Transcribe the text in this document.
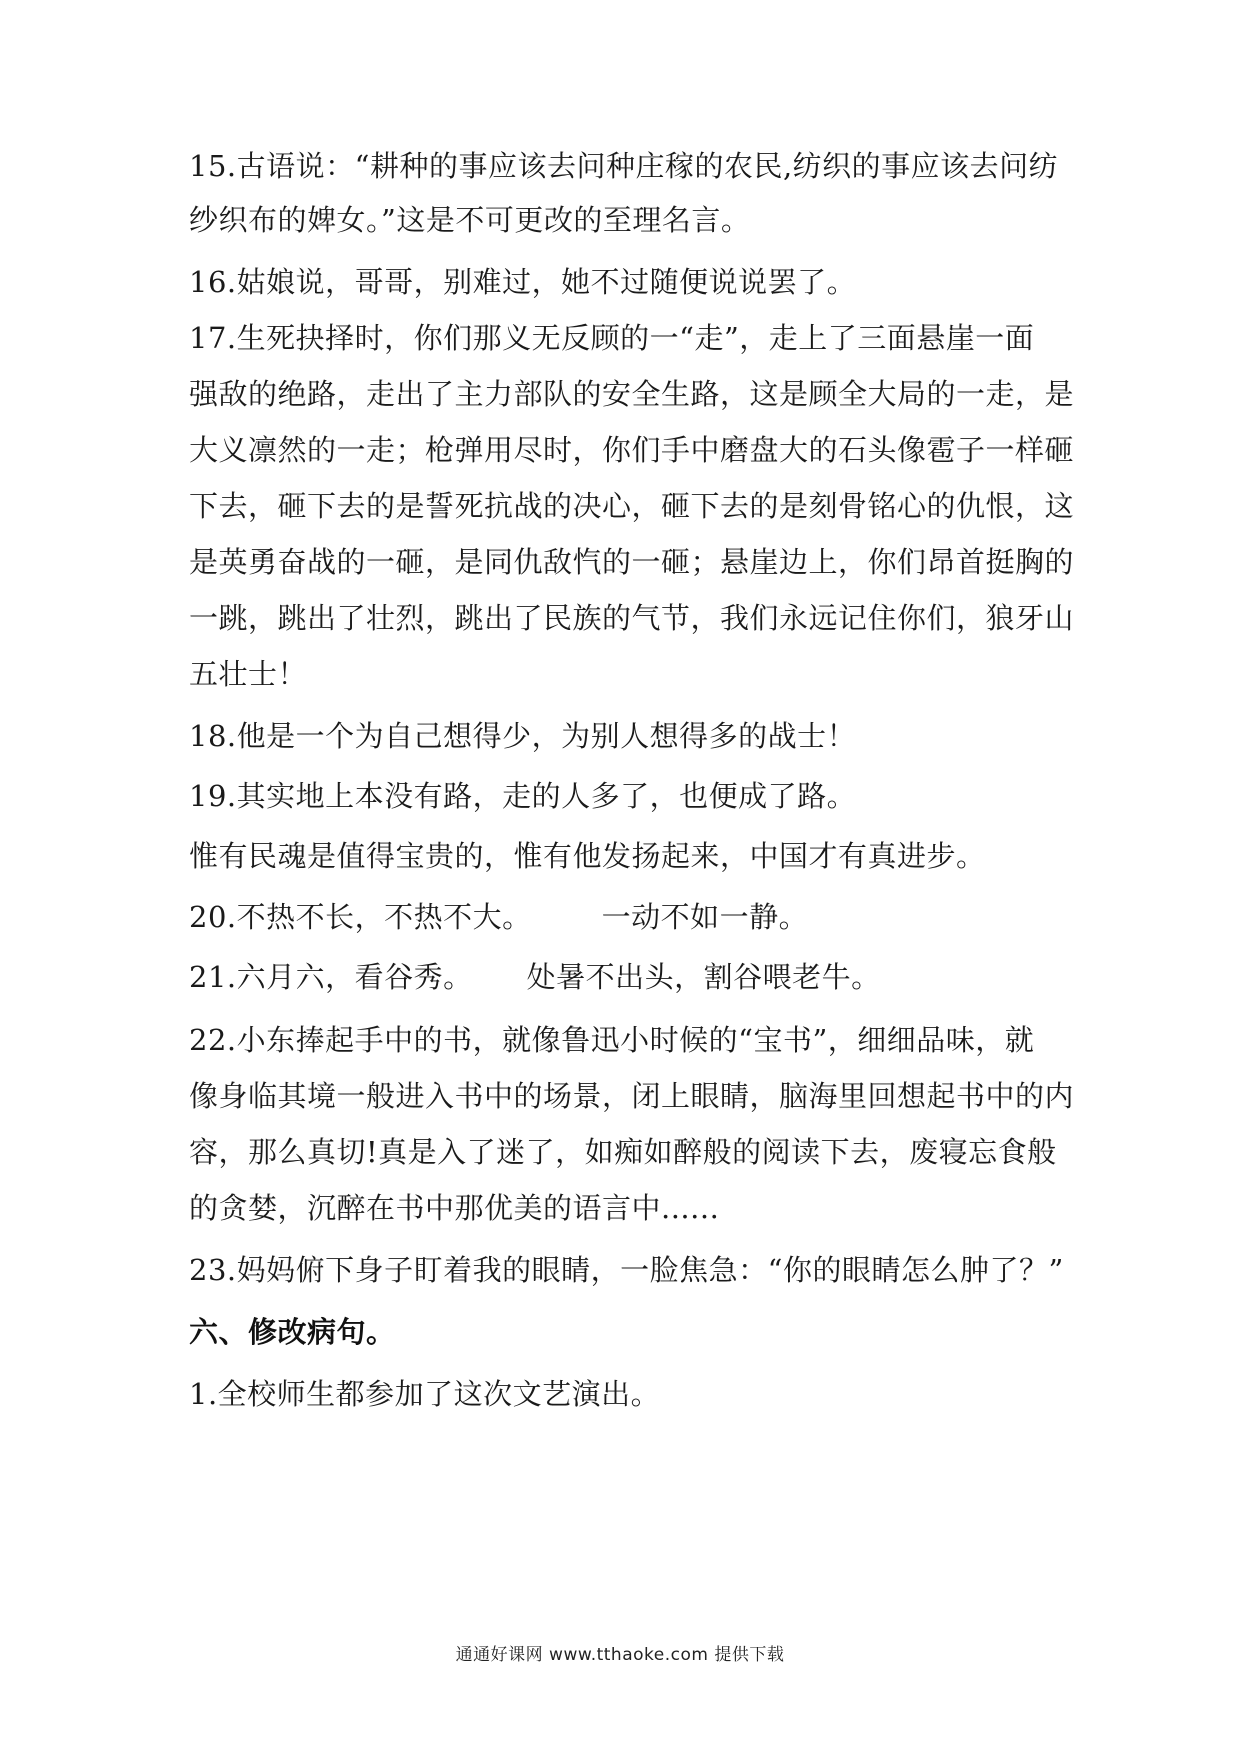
15.古语说：“耕种的事应该去问种庄稼的农民,纺织的事应该去问纺
纱织布的婢女。”这是不可更改的至理名言。
16.姑娘说，哥哥，别难过，她不过随便说说罢了。
17.生死抉择时，你们那义无反顾的一“走”，走上了三面悬崖一面
强敌的绝路，走出了主力部队的安全生路，这是顾全大局的一走，是
大义凛然的一走；枪弹用尽时，你们手中磨盘大的石头像雹子一样砸
下去，砸下去的是誓死抗战的决心，砸下去的是刻骨铭心的仇恨，这
是英勇奋战的一砸，是同仇敌忾的一砸；悬崖边上，你们昂首挺胸的
一跳，跳出了壮烈，跳出了民族的气节，我们永远记住你们，狼牙山
五壮士！
18.他是一个为自己想得少，为别人想得多的战士！
19.其实地上本没有路，走的人多了，也便成了路。
惟有民魂是值得宝贵的，惟有他发扬起来，中国才有真进步。
20.不热不长，不热不大。 一动不如一静。
21.六月六，看谷秀。 处暑不出头，割谷喂老牛。
22.小东捧起手中的书，就像鲁迅小时候的“宝书”，细细品味，就
像身临其境一般进入书中的场景，闭上眼睛，脑海里回想起书中的内
容，那么真切!真是入了迷了，如痴如醉般的阅读下去，废寝忘食般
的贪婪，沉醉在书中那优美的语言中......
23.妈妈俯下身子盯着我的眼睛，一脸焦急：“你的眼睛怎么肿了？”
六、修改病句。
1.全校师生都参加了这次文艺演出。
通通好课网 www.tthaoke.com 提供下载
